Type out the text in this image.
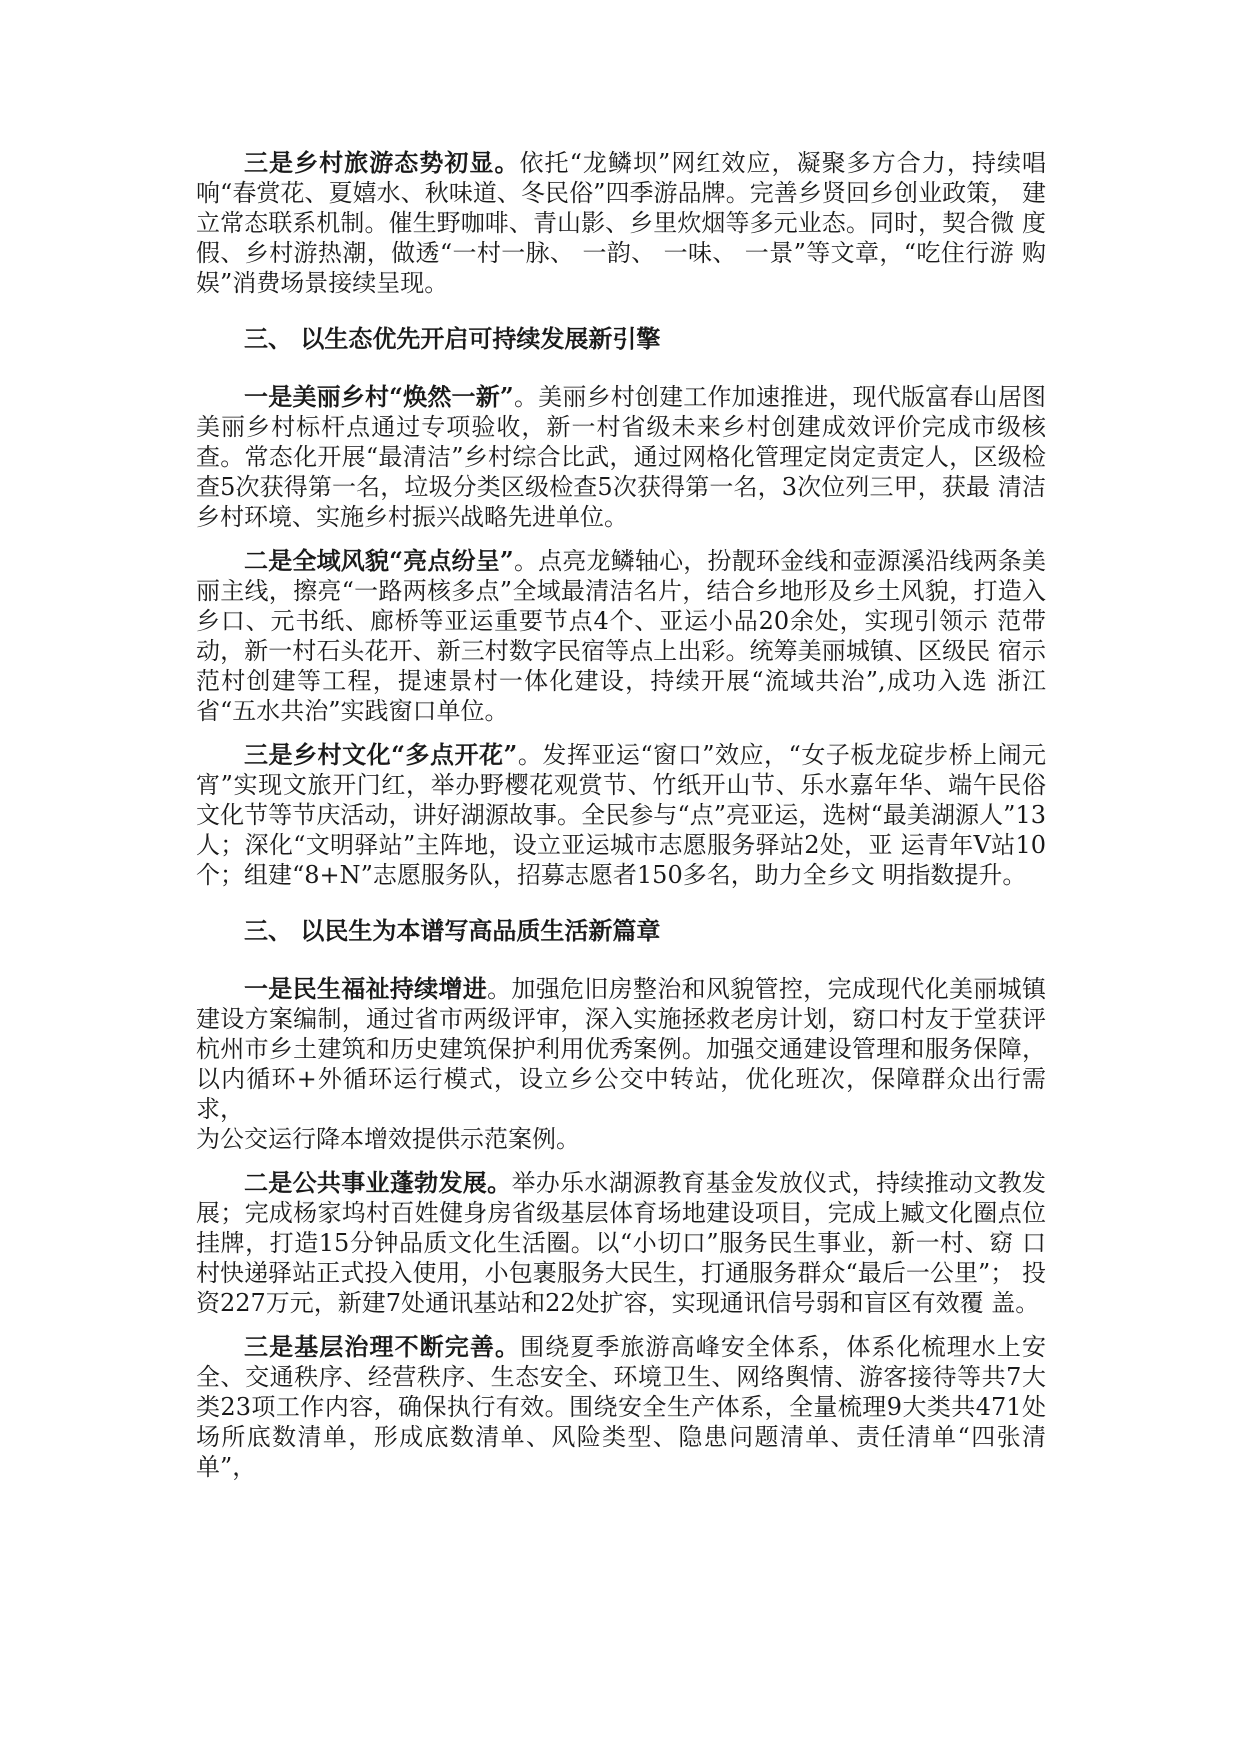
三是乡村旅游态势初显。依托“龙鳞坝”网红效应，凝聚多方合力，持续唱响“春赏花、夏嬉水、秋味道、冬民俗”四季游品牌。完善乡贤回乡创业政策， 建立常态联系机制。催生野咖啡、青山影、乡里炊烟等多元业态。同时，契合微 度假、乡村游热潮，做透“一村一脉、 一韵、 一味、 一景”等文章，“吃住行游 购娱”消费场景接续呈现。

三、 以生态优先开启可持续发展新引擎

一是美丽乡村“焕然一新”。美丽乡村创建工作加速推进，现代版富春山居图美丽乡村标杆点通过专项验收，新一村省级未来乡村创建成效评价完成市级核查。常态化开展“最清洁”乡村综合比武，通过网格化管理定岗定责定人，区级检查5次获得第一名，垃圾分类区级检查5次获得第一名，3次位列三甲，获最 清洁乡村环境、实施乡村振兴战略先进单位。

二是全域风貌“亮点纷呈”。点亮龙鳞轴心，扮靓环金线和壶源溪沿线两条美丽主线，擦亮“一路两核多点”全域最清洁名片，结合乡地形及乡土风貌，打造入乡口、元书纸、廊桥等亚运重要节点4个、亚运小品20余处，实现引领示 范带动，新一村石头花开、新三村数字民宿等点上出彩。统筹美丽城镇、区级民 宿示范村创建等工程，提速景村一体化建设，持续开展“流域共治”,成功入选 浙江省“五水共治”实践窗口单位。

三是乡村文化“多点开花”。发挥亚运“窗口”效应，“女子板龙碇步桥上闹元宵”实现文旅开门红，举办野樱花观赏节、竹纸开山节、乐水嘉年华、端午民俗文化节等节庆活动，讲好湖源故事。全民参与“点”亮亚运，选树“最美湖源人”13人；深化“文明驿站”主阵地，设立亚运城市志愿服务驿站2处，亚 运青年V站10个；组建“8+N”志愿服务队，招募志愿者150多名，助力全乡文 明指数提升。

三、 以民生为本谱写高品质生活新篇章

一是民生福祉持续增进。加强危旧房整治和风貌管控，完成现代化美丽城镇建设方案编制，通过省市两级评审，深入实施拯救老房计划，窈口村友于堂获评杭州市乡土建筑和历史建筑保护利用优秀案例。加强交通建设管理和服务保障， 以内循环+外循环运行模式，设立乡公交中转站，优化班次，保障群众出行需求，

为公交运行降本增效提供示范案例。

二是公共事业蓬勃发展。举办乐水湖源教育基金发放仪式，持续推动文教发展；完成杨家坞村百姓健身房省级基层体育场地建设项目，完成上臧文化圈点位挂牌，打造15分钟品质文化生活圈。以“小切口”服务民生事业，新一村、窈 口村快递驿站正式投入使用，小包裹服务大民生，打通服务群众“最后一公里”； 投资227万元，新建7处通讯基站和22处扩容，实现通讯信号弱和盲区有效覆 盖。

三是基层治理不断完善。围绕夏季旅游高峰安全体系，体系化梳理水上安全、交通秩序、经营秩序、生态安全、环境卫生、网络舆情、游客接待等共7大类23项工作内容，确保执行有效。围绕安全生产体系，全量梳理9大类共471处 场所底数清单，形成底数清单、风险类型、隐患问题清单、责任清单“四张清单”，
